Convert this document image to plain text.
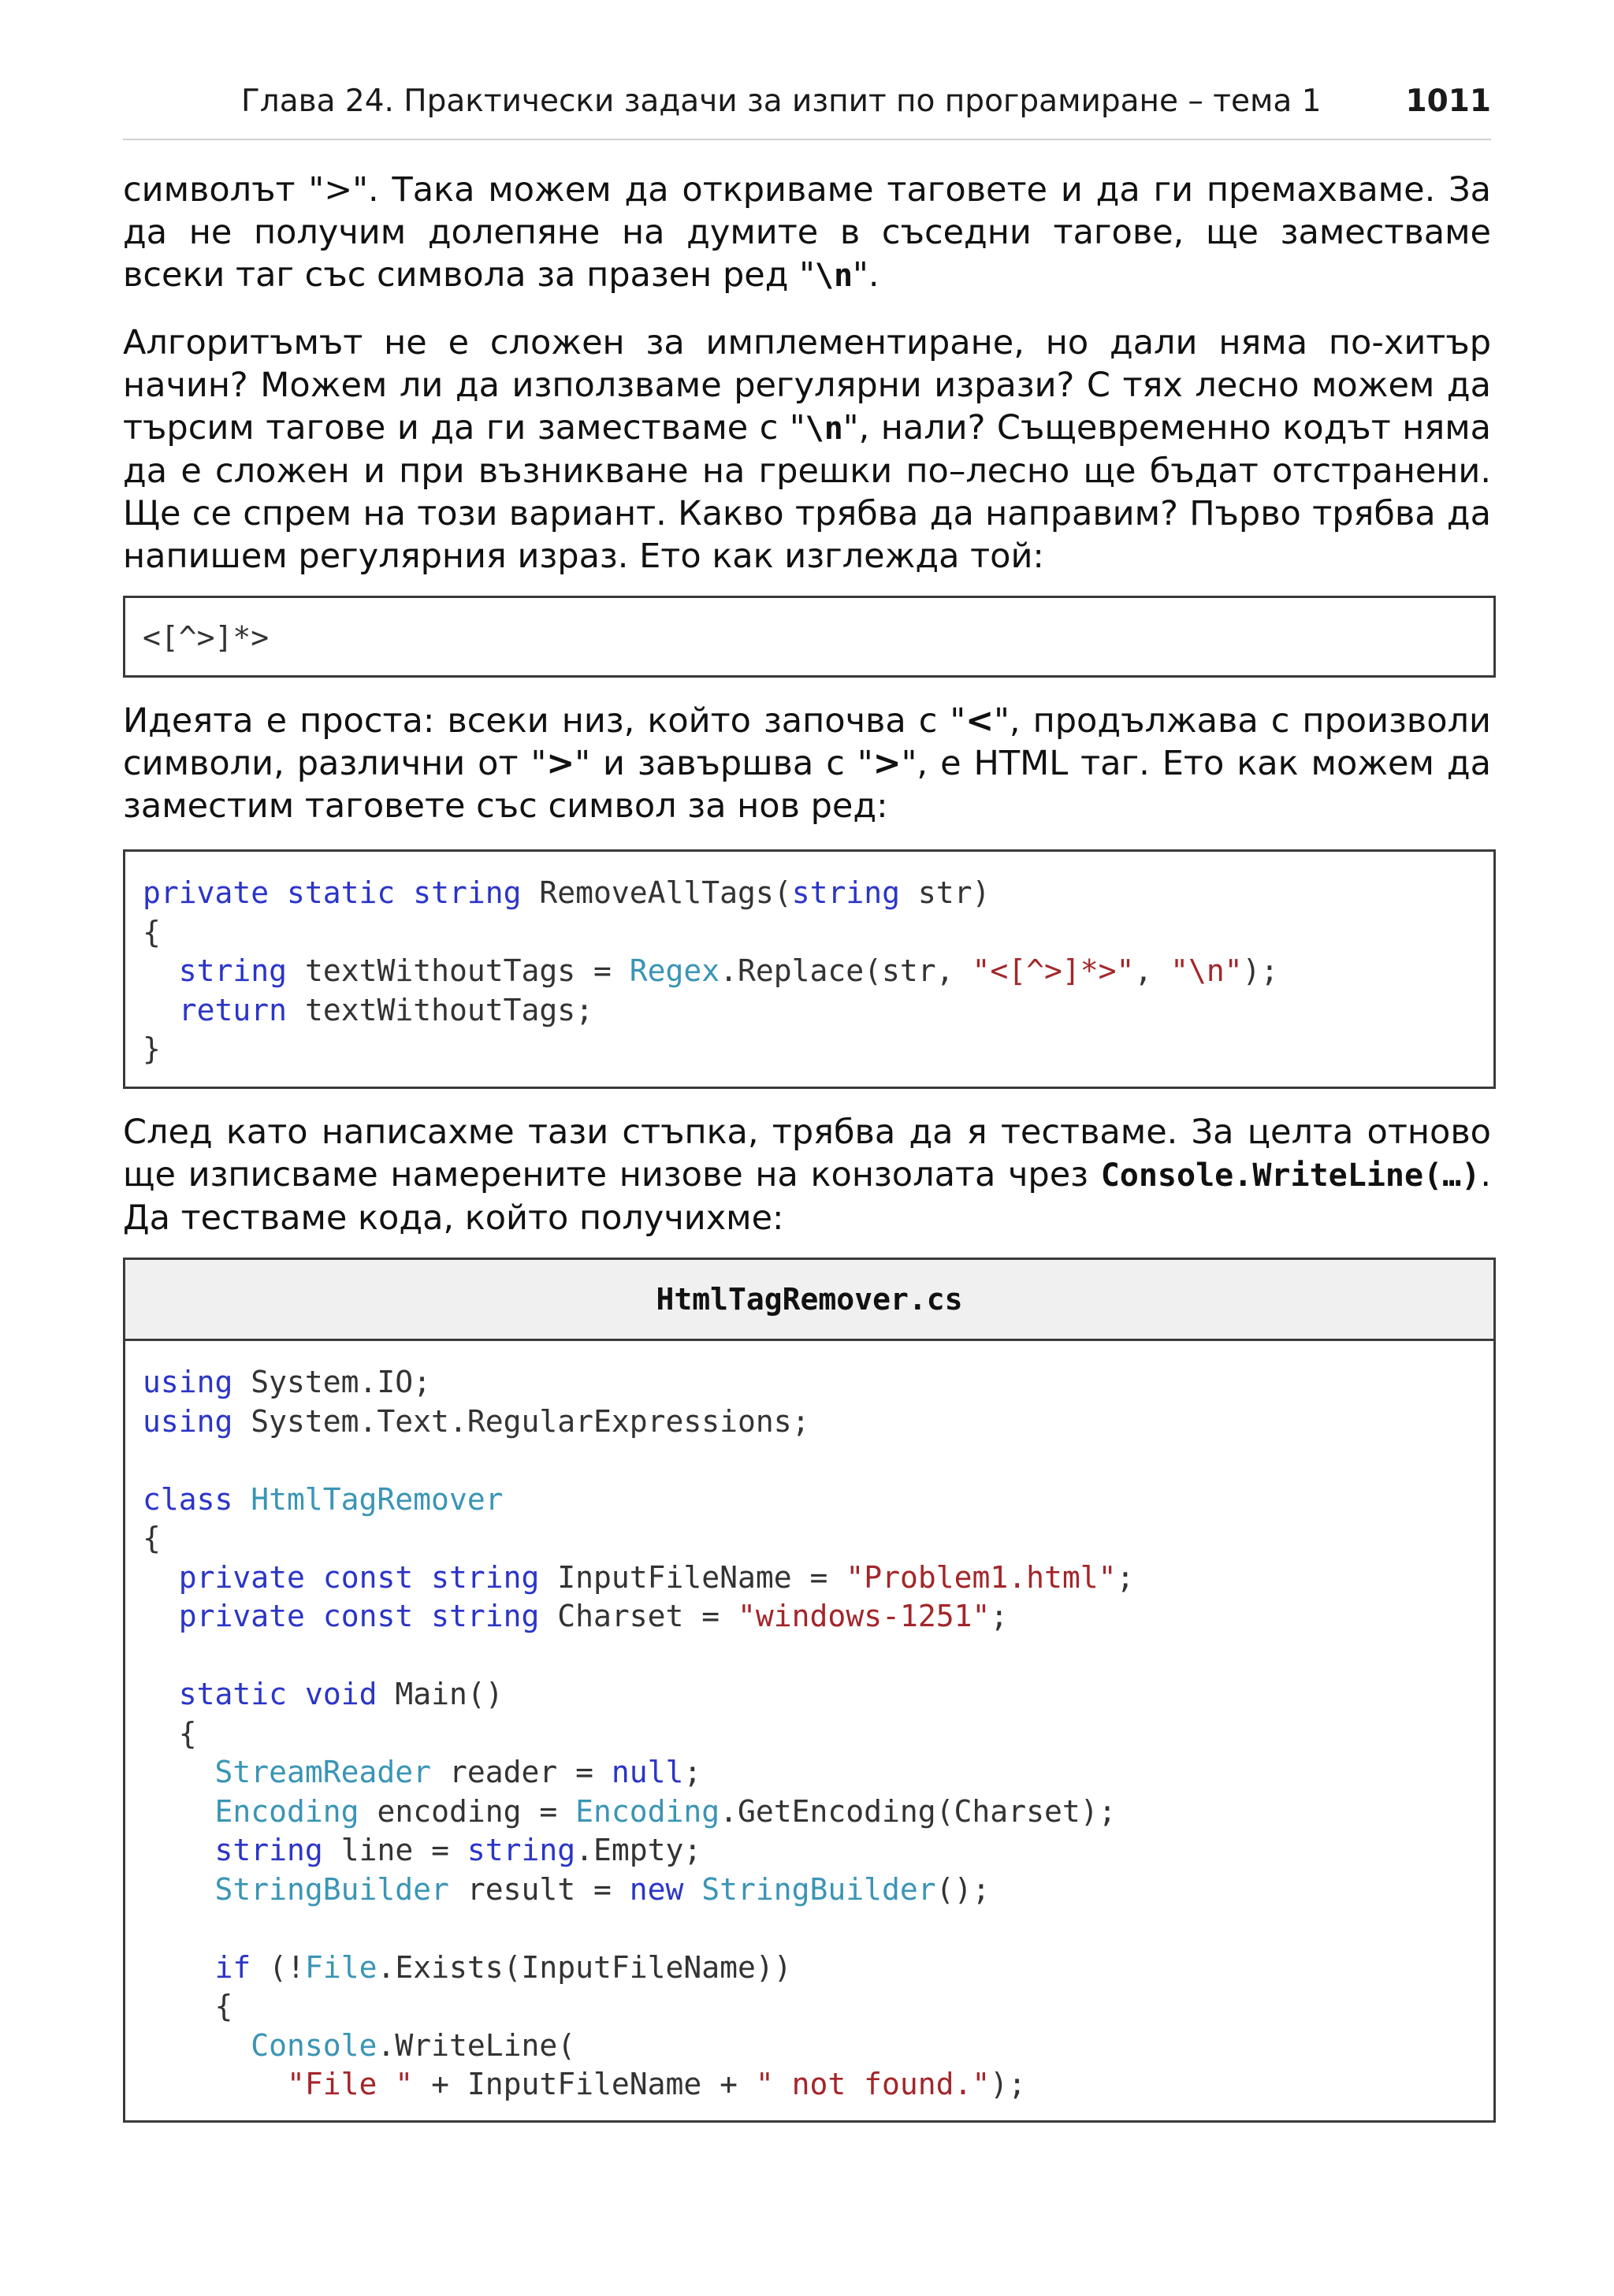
Глава 24. Практически задачи за изпит по програмиране – тема 1	1011
символът ">". Така можем да откриваме таговете и да ги премахваме. За да не получим долепяне на думите в съседни тагове, ще заместваме всеки таг със символа за празен ред "\n".
Алгоритъмът не е сложен за имплементиране, но дали няма по-хитър начин? Можем ли да използваме регулярни изрази? С тях лесно можем да търсим тагове и да ги заместваме с "\n", нали? Същевременно кодът няма да е сложен и при възникване на грешки по–лесно ще бъдат отстранени. Ще се спрем на този вариант. Какво трябва да направим? Първо трябва да напишем регулярния израз. Ето как изглежда той:
<[^>]*>
Идеята е проста: всеки низ, който започва с "<", продължава с произволи символи, различни от ">" и завършва с ">", е HTML таг. Ето как можем да заместим таговете със символ за нов ред:
private static string RemoveAllTags(string str)
{
string textWithoutTags = Regex.Replace(str, "<[^>]*>", "\n");
return textWithoutTags;
}
След като написахме тази стъпка, трябва да я тестваме. За целта отново ще изписваме намерените низове на конзолата чрез Console.WriteLine(…). Да тестваме кода, който получихме:
HtmlTagRemover.cs
using System.IO;
using System.Text.RegularExpressions;

class HtmlTagRemover
{
private const string InputFileName = "Problem1.html";
private const string Charset = "windows-1251";

static void Main()
{
StreamReader reader = null;
Encoding encoding = Encoding.GetEncoding(Charset);
string line = string.Empty;
StringBuilder result = new StringBuilder();

if (!File.Exists(InputFileName))
{
Console.WriteLine(
"File " + InputFileName + " not found.");
